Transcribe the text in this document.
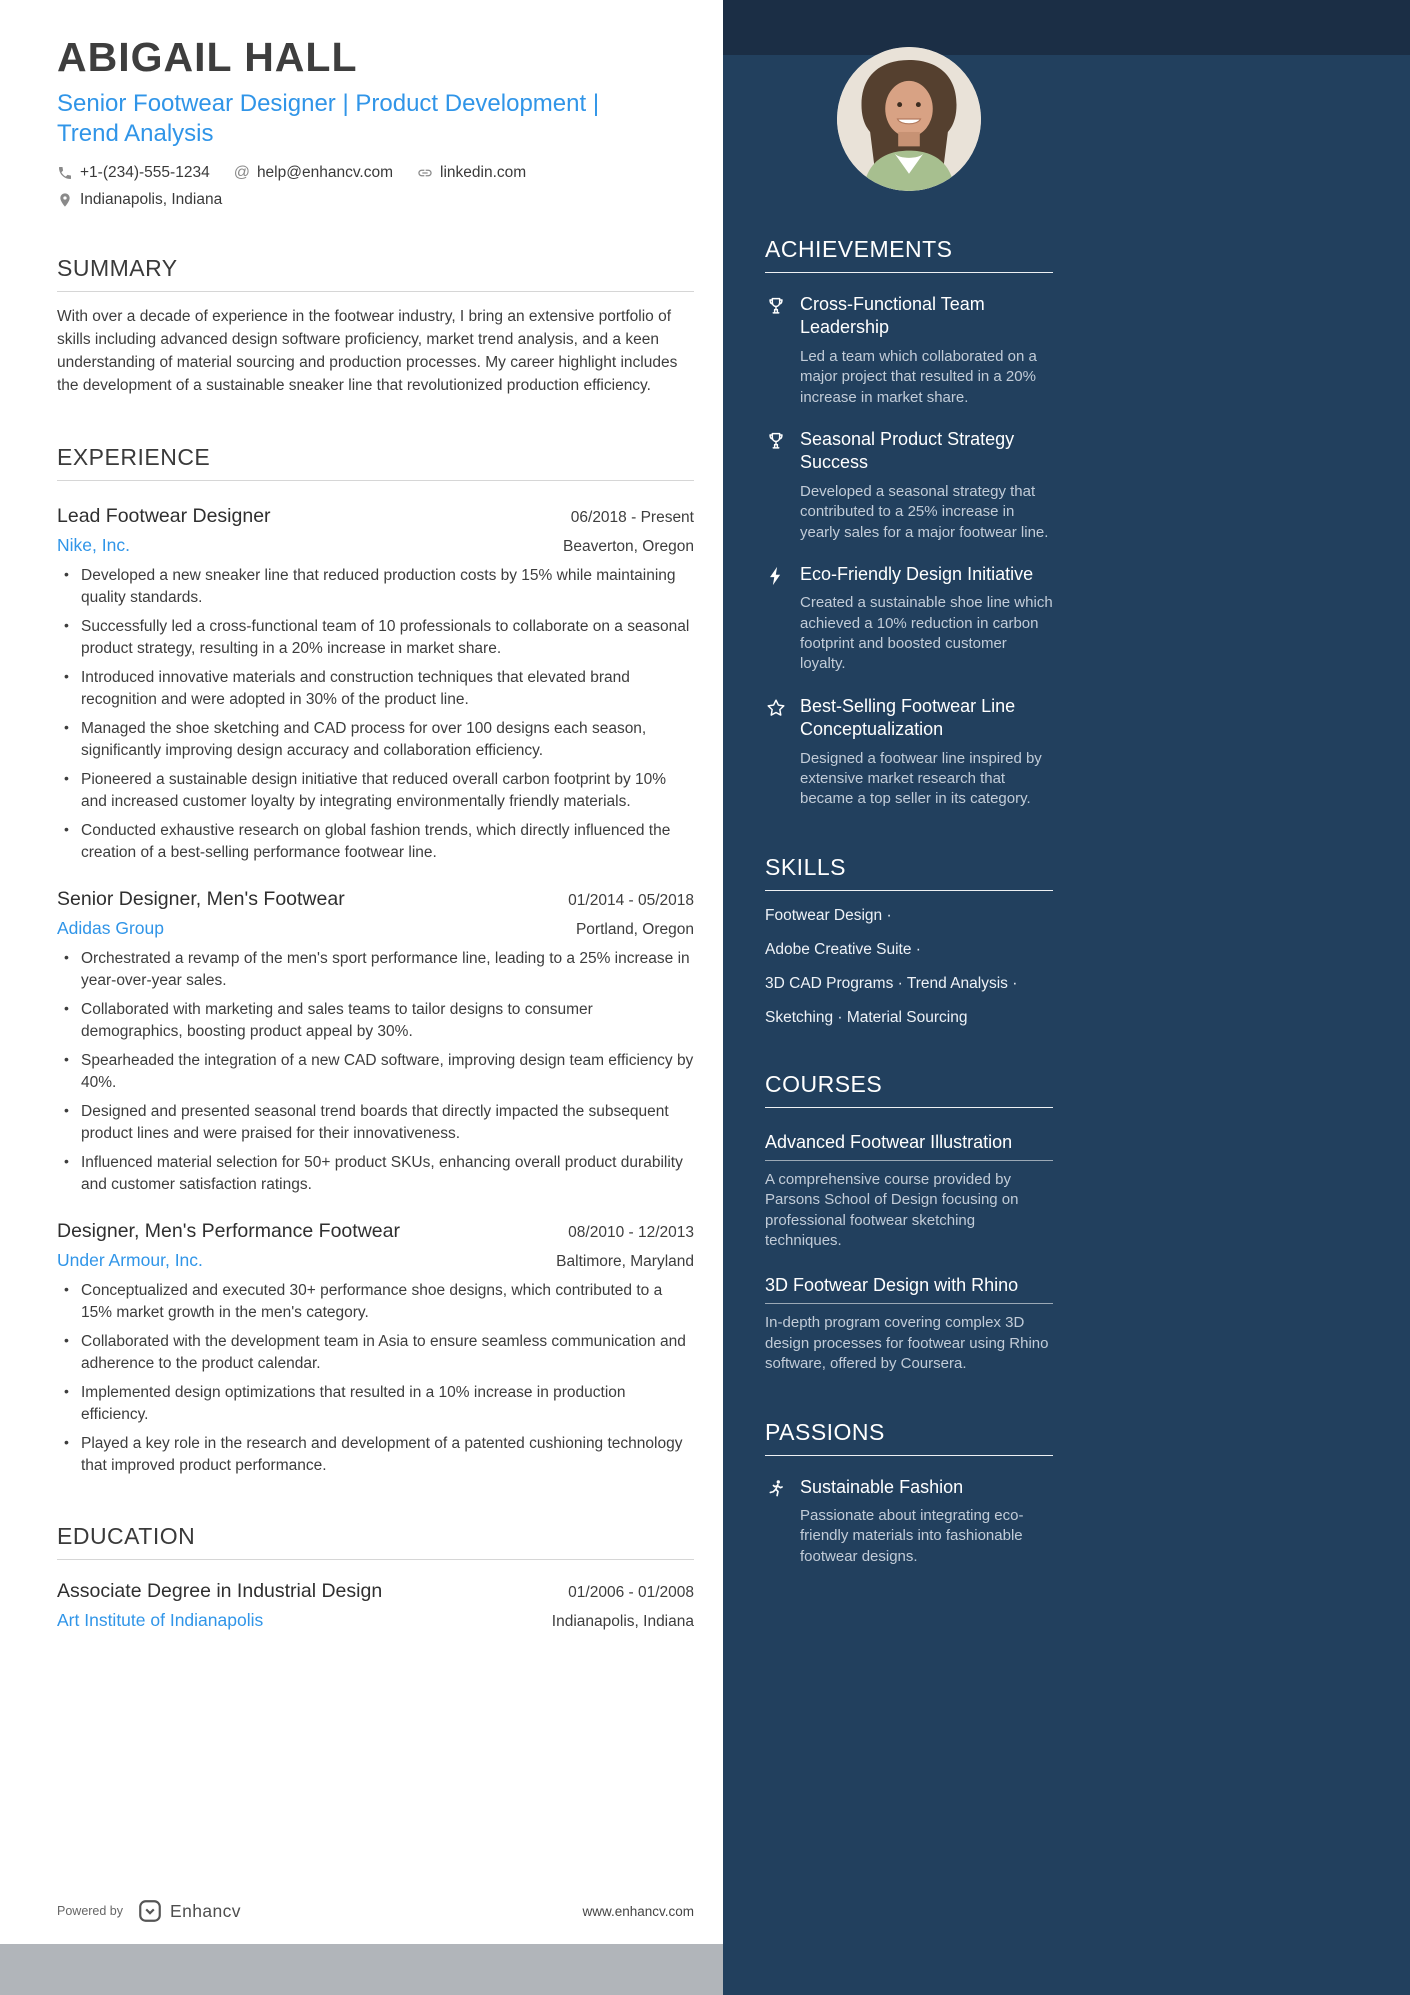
ABIGAIL HALL
Senior Footwear Designer | Product Development | Trend Analysis
+1-(234)-555-1234 @ help@enhancv.com	linkedin.com
Indianapolis, Indiana
SUMMARY

With over a decade of experience in the footwear industry, I bring an extensive portfolio of skills including advanced design software proficiency, market trend analysis, and a keen understanding of material sourcing and production processes. My career highlight includes the development of a sustainable sneaker line that revolutionized production efficiency.

EXPERIENCE
Lead Footwear Designer	06/2018 - Present
Nike, Inc.	Beaverton, Oregon
• Developed a new sneaker line that reduced production costs by 15% while maintaining quality standards.
• Successfully led a cross-functional team of 10 professionals to collaborate on a seasonal product strategy, resulting in a 20% increase in market share.
• Introduced innovative materials and construction techniques that elevated brand recognition and were adopted in 30% of the product line.
• Managed the shoe sketching and CAD process for over 100 designs each season, significantly improving design accuracy and collaboration efficiency.
• Pioneered a sustainable design initiative that reduced overall carbon footprint by 10% and increased customer loyalty by integrating environmentally friendly materials.
• Conducted exhaustive research on global fashion trends, which directly influenced the creation of a best-selling performance footwear line.
Senior Designer, Men's Footwear	01/2014 - 05/2018
Adidas Group	Portland, Oregon
• Orchestrated a revamp of the men's sport performance line, leading to a 25% increase in year-over-year sales.
• Collaborated with marketing and sales teams to tailor designs to consumer demographics, boosting product appeal by 30%.
• Spearheaded the integration of a new CAD software, improving design team efficiency by 40%.
• Designed and presented seasonal trend boards that directly impacted the subsequent product lines and were praised for their innovativeness.
• Influenced material selection for 50+ product SKUs, enhancing overall product durability and customer satisfaction ratings.
Designer, Men's Performance Footwear	08/2010 - 12/2013
Under Armour, Inc.	Baltimore, Maryland
• Conceptualized and executed 30+ performance shoe designs, which contributed to a 15% market growth in the men's category.
• Collaborated with the development team in Asia to ensure seamless communication and adherence to the product calendar.
• Implemented design optimizations that resulted in a 10% increase in production efficiency.
• Played a key role in the research and development of a patented cushioning technology that improved product performance.
EDUCATION
Associate Degree in Industrial Design	01/2006 - 01/2008
Art Institute of Indianapolis	Indianapolis, Indiana
Powered by	Enhancv	www.enhancv.com
ACHIEVEMENTS
Cross-Functional Team Leadership
Led a team which collaborated on a major project that resulted in a 20% increase in market share.
Seasonal Product Strategy Success
Developed a seasonal strategy that contributed to a 25% increase in yearly sales for a major footwear line.
Eco-Friendly Design Initiative
Created a sustainable shoe line which achieved a 10% reduction in carbon footprint and boosted customer loyalty.
Best-Selling Footwear Line Conceptualization
Designed a footwear line inspired by extensive market research that became a top seller in its category.
SKILLS
Footwear Design ·
Adobe Creative Suite ·
3D CAD Programs · Trend Analysis ·
Sketching · Material Sourcing
COURSES
Advanced Footwear Illustration
A comprehensive course provided by Parsons School of Design focusing on professional footwear sketching techniques.
3D Footwear Design with Rhino
In-depth program covering complex 3D design processes for footwear using Rhino software, offered by Coursera.
PASSIONS
Sustainable Fashion
Passionate about integrating eco-friendly materials into fashionable footwear designs.
